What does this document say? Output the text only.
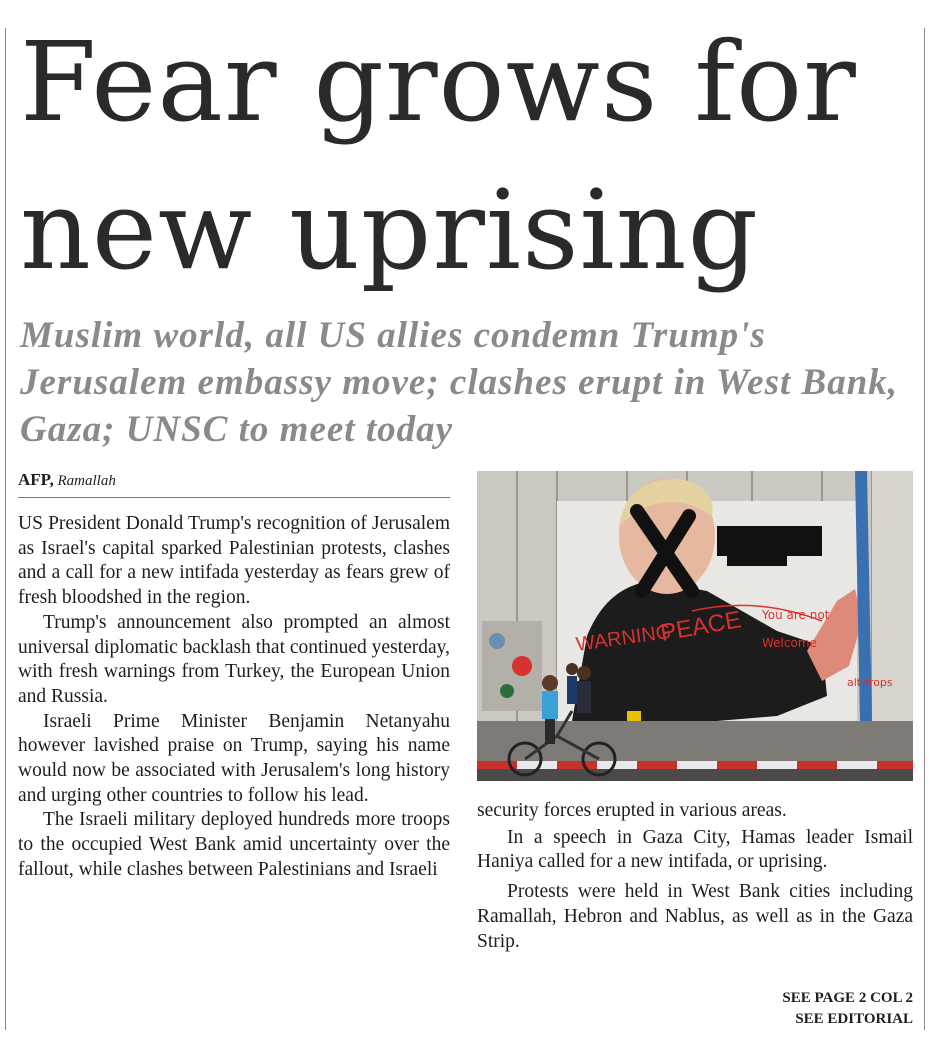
Fear grows for new uprising
Muslim world, all US allies condemn Trump's Jerusalem embassy move; clashes erupt in West Bank, Gaza; UNSC to meet today
AFP, Ramallah

US President Donald Trump's recognition of Jerusalem as Israel's capital sparked Palestinian protests, clashes and a call for a new intifada yesterday as fears grew of fresh bloodshed in the region.

Trump's announcement also prompted an almost universal diplomatic backlash that continued yesterday, with fresh warnings from Turkey, the European Union and Russia.

Israeli Prime Minister Benjamin Netanyahu however lavished praise on Trump, saying his name would now be associated with Jerusalem's long history and urging other countries to follow his lead.

The Israeli military deployed hundreds more troops to the occupied West Bank amid uncertainty over the fallout, while clashes between Palestinians and Israeli

WARNING
PEACE You are not
Welcome
alt trops

security forces erupted in various areas.

In a speech in Gaza City, Hamas leader Ismail Haniya called for a new intifada, or uprising.

Protests were held in West Bank cities including Ramallah, Hebron and Nablus, as well as in the Gaza Strip.

SEE PAGE 2 COL 2
SEE EDITORIAL
